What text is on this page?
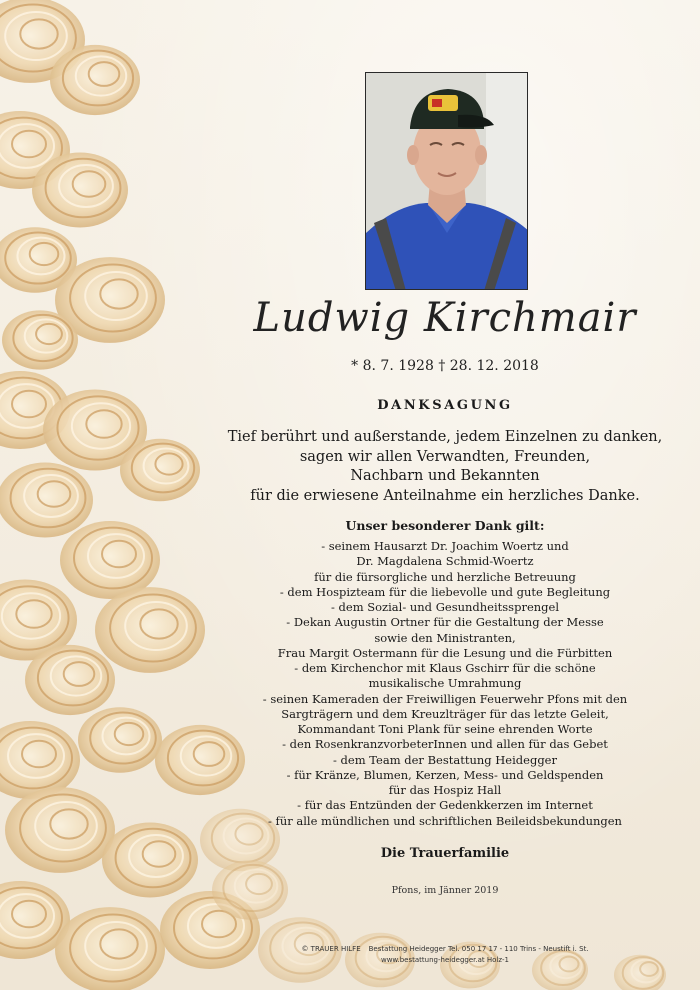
Ludwig Kirchmair
* 8. 7. 1928 † 28. 12. 2018
DANKSAGUNG
Tief berührt und außerstande, jedem Einzelnen zu danken,
sagen wir allen Verwandten, Freunden,
Nachbarn und Bekannten
für die erwiesene Anteilnahme ein herzliches Danke.
Unser besonderer Dank gilt:
- seinem Hausarzt Dr. Joachim Woertz und
Dr. Magdalena Schmid-Woertz
für die fürsorgliche und herzliche Betreuung
- dem Hospizteam für die liebevolle und gute Begleitung
- dem Sozial- und Gesundheitssprengel
- Dekan Augustin Ortner für die Gestaltung der Messe
sowie den Ministranten,
Frau Margit Ostermann für die Lesung und die Fürbitten
- dem Kirchenchor mit Klaus Gschirr für die schöne
musikalische Umrahmung
- seinen Kameraden der Freiwilligen Feuerwehr Pfons mit den
Sargträgern und dem Kreuzlträger für das letzte Geleit,
Kommandant Toni Plank für seine ehrenden Worte
- den RosenkranzvorbeterInnen und allen für das Gebet
- dem Team der Bestattung Heidegger
- für Kränze, Blumen, Kerzen, Mess- und Geldspenden
für das Hospiz Hall
- für das Entzünden der Gedenkkerzen im Internet
- für alle mündlichen und schriftlichen Beileidsbekundungen
Die Trauerfamilie
Pfons, im Jänner 2019
© TRAUER HILFE Bestattung Heidegger Tel. 050 17 17 - 110 Trins - Neustift i. St.
www.bestattung-heidegger.at Holz-1
